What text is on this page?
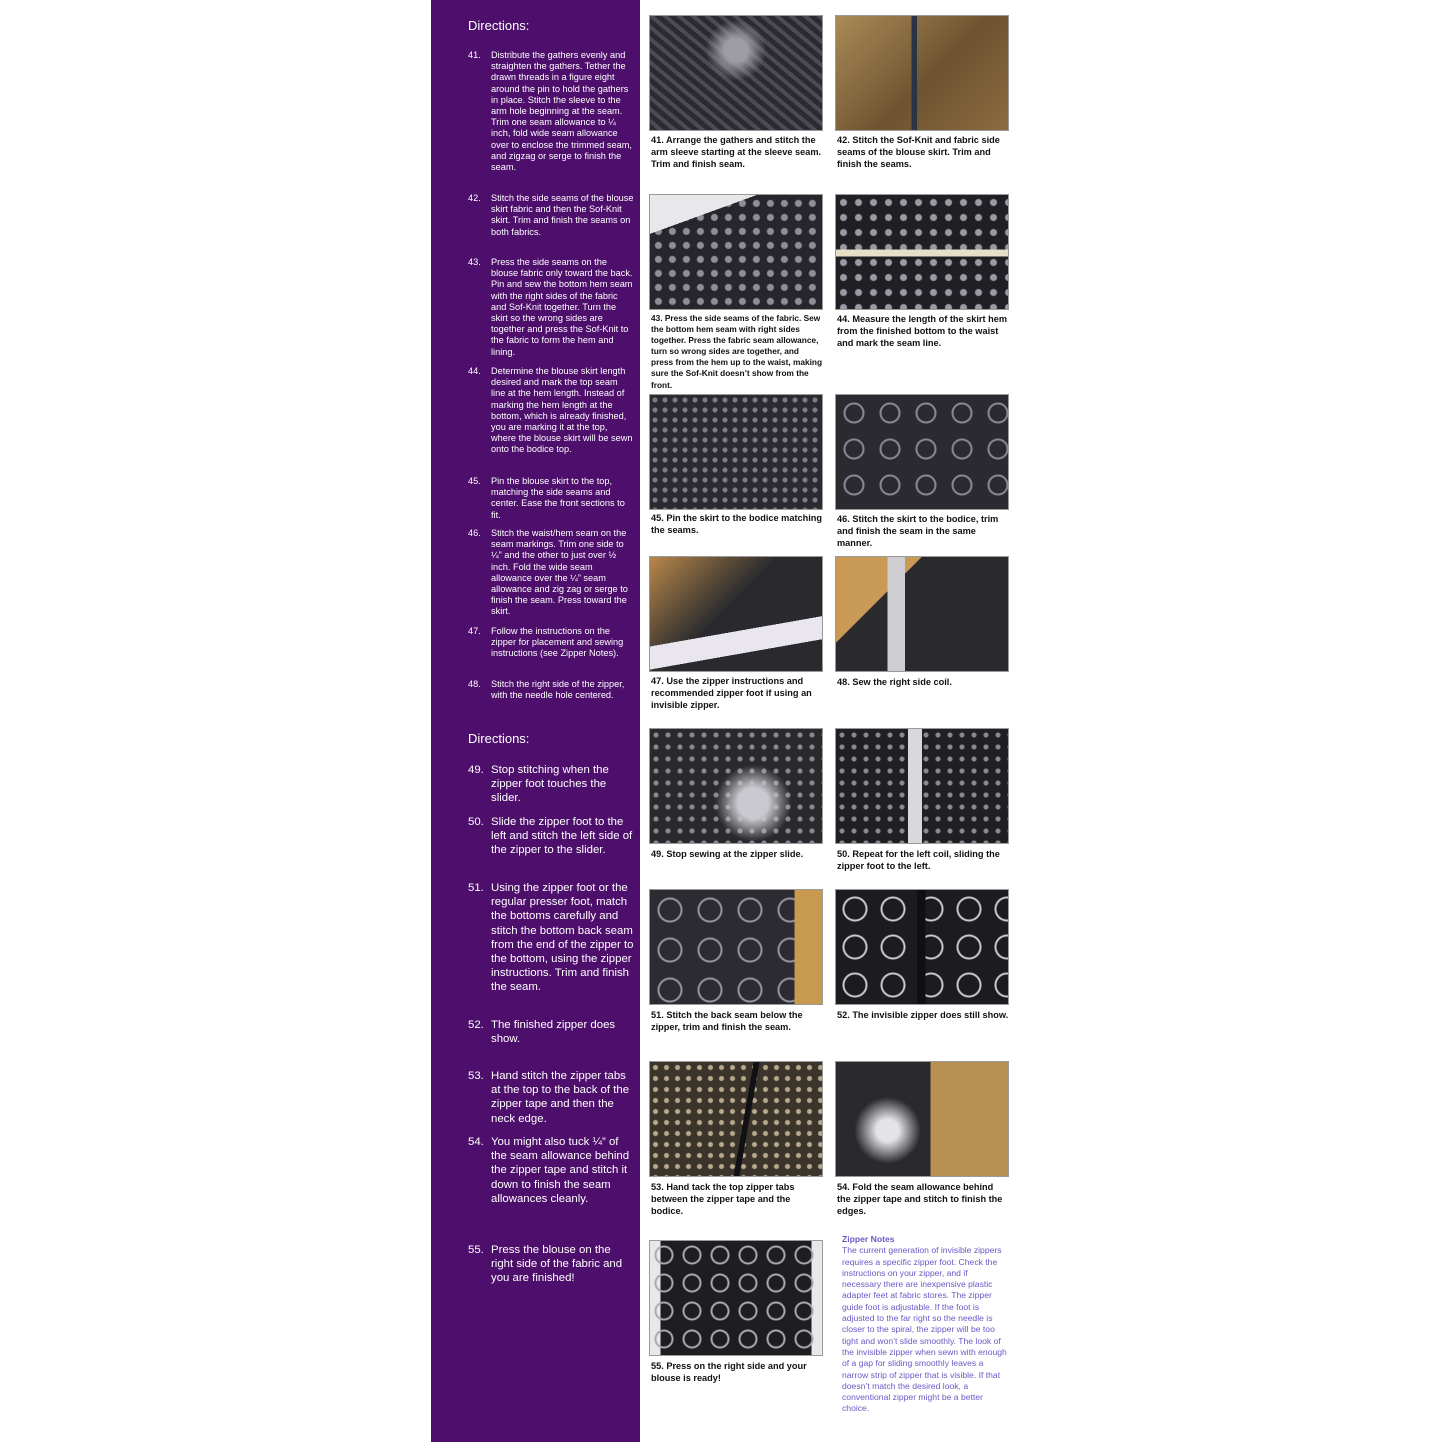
Directions:
41.	Distribute the gathers evenly and straighten the gathers. Tether the drawn threads in a figure eight around the pin to hold the gathers in place. Stitch the sleeve to the arm hole beginning at the seam. Trim one seam allowance to ¼ inch, fold wide seam allowance over to enclose the trimmed seam, and zigzag or serge to finish the seam.
42.	Stitch the side seams of the blouse skirt fabric and then the Sof-Knit skirt. Trim and finish the seams on both fabrics.
43.	Press the side seams on the blouse fabric only toward the back. Pin and sew the bottom hem seam with the right sides of the fabric and Sof-Knit together. Turn the skirt so the wrong sides are together and press the Sof-Knit to the fabric to form the hem and lining.
44.	Determine the blouse skirt length desired and mark the top seam line at the hem length. Instead of marking the hem length at the bottom, which is already finished, you are marking it at the top, where the blouse skirt will be sewn onto the bodice top.
45.	Pin the blouse skirt to the top, matching the side seams and center. Ease the front sections to fit.
46.	Stitch the waist/hem seam on the seam markings. Trim one side to ¼” and the other to just over ½ inch. Fold the wide seam allowance over the ¼” seam allowance and zig zag or serge to finish the seam. Press toward the skirt.
47.	Follow the instructions on the zipper for placement and sewing instructions (see Zipper Notes).
48.	Stitch the right side of the zipper, with the needle hole centered.
Directions:
49. Stop stitching when the zipper foot touches the slider.
50. Slide the zipper foot to the left and stitch the left side of the zipper to the slider.
51. Using the zipper foot or the regular presser foot, match the bottoms carefully and stitch the bottom back seam from the end of the zipper to the bottom, using the zipper instructions. Trim and finish the seam.
52. The finished zipper does show.
53. Hand stitch the zipper tabs at the top to the back of the zipper tape and then the neck edge.
54. You might also tuck ¼” of the seam allowance behind the zipper tape and stitch it down to finish the seam allowances cleanly.
55. Press the blouse on the right side of the fabric and you are finished!
41. Arrange the gathers and stitch the arm sleeve starting at the sleeve seam. Trim and finish seam.
42. Stitch the Sof-Knit and fabric side seams of the blouse skirt. Trim and finish the seams.
43. Press the side seams of the fabric. Sew the bottom hem seam with right sides together. Press the fabric seam allowance, turn so wrong sides are together, and press from the hem up to the waist, making sure the Sof-Knit doesn’t show from the front.
44. Measure the length of the skirt hem from the finished bottom to the waist and mark the seam line.
45. Pin the skirt to the bodice matching the seams.
46. Stitch the skirt to the bodice, trim and finish the seam in the same manner.
47. Use the zipper instructions and recommended zipper foot if using an invisible zipper.
48. Sew the right side coil.
49. Stop sewing at the zipper slide.	50. Repeat for the left coil, sliding the zipper foot to the left.
51. Stitch the back seam below the zipper, trim and finish the seam.
52. The invisible zipper does still show.
53. Hand tack the top zipper tabs between the zipper tape and the bodice.
54. Fold the seam allowance behind the zipper tape and stitch to finish the edges.
55. Press on the right side and your blouse is ready!
Zipper Notes
The current generation of invisible zippers requires a specific zipper foot. Check the instructions on your zipper, and if necessary there are inexpensive plastic adapter feet at fabric stores. The zipper guide foot is adjustable. If the foot is adjusted to the far right so the needle is closer to the spiral, the zipper will be too tight and won’t slide smoothly. The look of the invisible zipper when sewn with enough of a gap for sliding smoothly leaves a narrow strip of zipper that is visible. If that doesn’t match the desired look, a conventional zipper might be a better choice.
